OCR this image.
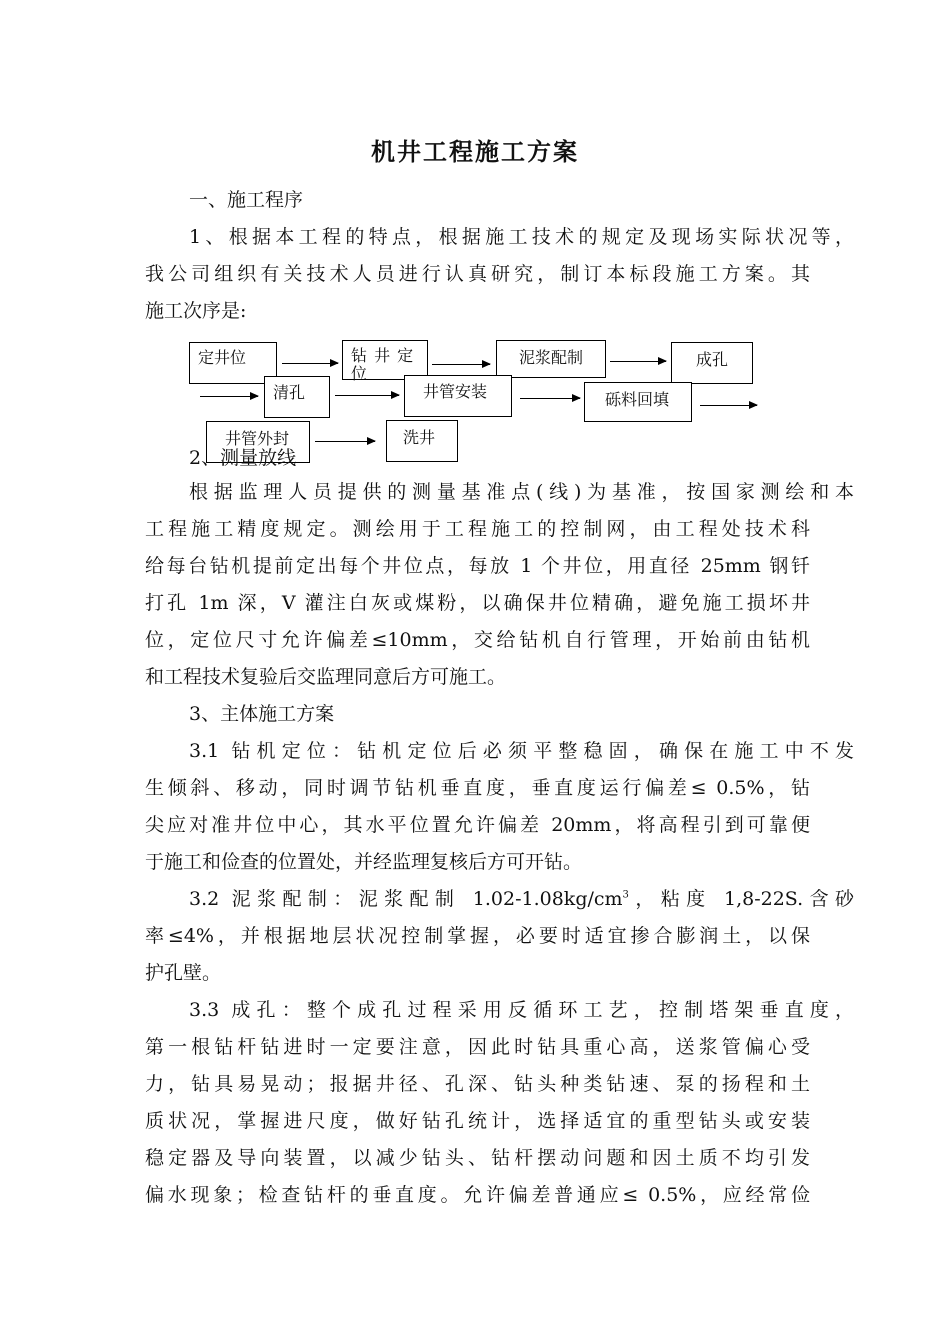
机井工程施工方案
一、施工程序
1、根据本工程的特点，根据施工技术的规定及现场实际状况等，
我公司组织有关技术人员进行认真研究，制订本标段施工方案。其
施工次序是:
定井位	钻 井 定 位
泥浆配制	成孔
清孔	井管安装	砾料回填
井管外封	洗井
2、测量放线
根据监理人员提供的测量基准点(线)为基准，按国家测绘和本
工程施工精度规定。测绘用于工程施工的控制网，由工程处技术科
给每台钻机提前定出每个井位点，每放 1 个井位，用直径 25mm 钢钎
打孔 1m 深，V 灌注白灰或煤粉，以确保井位精确，避免施工损坏井
位，定位尺寸允许偏差≤10mm，交给钻机自行管理，开始前由钻机
和工程技术复验后交监理同意后方可施工。
3、主体施工方案
3.1 钻机定位：钻机定位后必须平整稳固，确保在施工中不发
生倾斜、移动，同时调节钻机垂直度，垂直度运行偏差≤ 0.5%，钻
尖应对准井位中心，其水平位置允许偏差 20mm，将高程引到可靠便
于施工和俭查的位置处，并经监理复核后方可开钻。
3.2 泥浆配制：泥浆配制 $1.02-1.08kg/cm^3$，粘度 1,8-22S.含砂
率≤4%，并根据地层状况控制掌握，必要时适宜掺合膨润土，以保
护孔壁。
3.3 成孔：整个成孔过程采用反循环工艺，控制塔架垂直度，
第一根钻杆钻进时一定要注意，因此时钻具重心高，送浆管偏心受
力，钻具易晃动；报据井径、孔深、钻头种类钻速、泵的扬程和土
质状况，掌握进尺度，做好钻孔统计，选择适宜的重型钻头或安装
稳定器及导向装置，以减少钻头、钻杆摆动问题和因土质不均引发
偏水现象；检查钻杆的垂直度。允许偏差普通应≤ 0.5%，应经常俭
